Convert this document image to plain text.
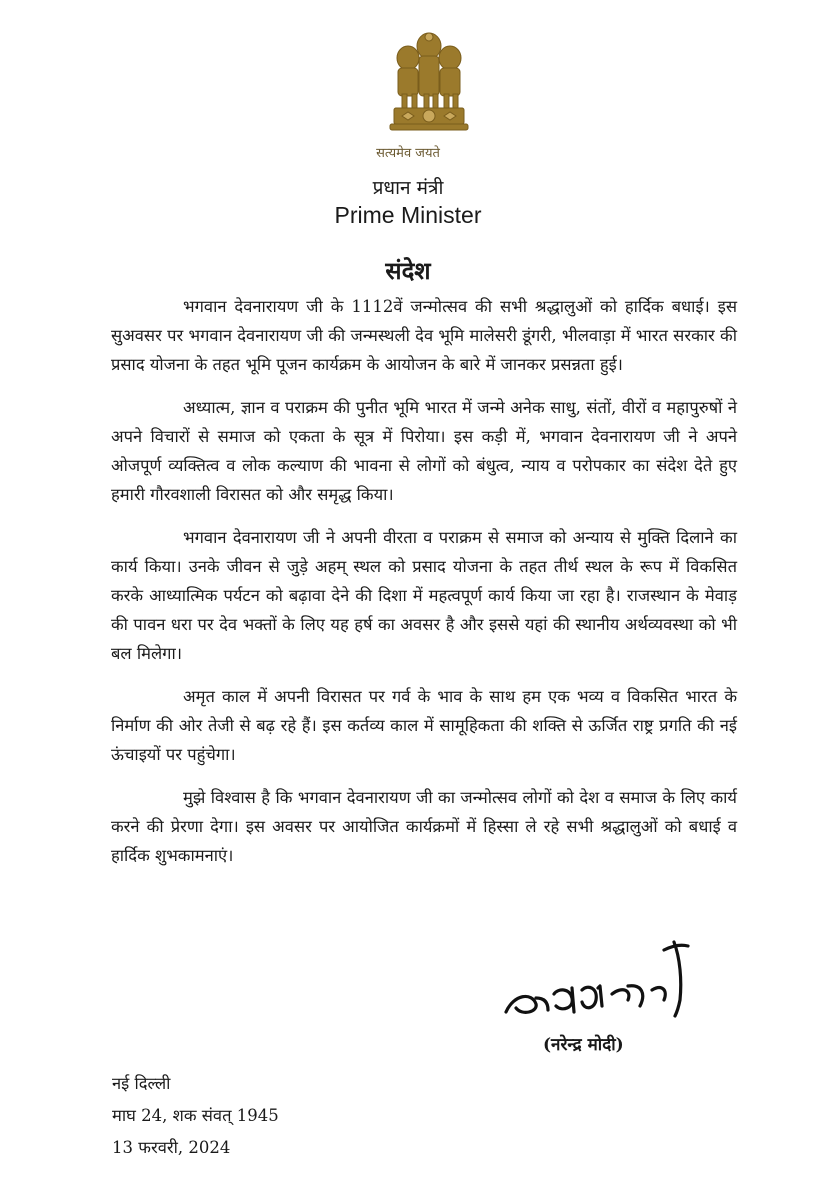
सत्यमेव जयते
प्रधान मंत्री
Prime Minister
संदेश

भगवान देवनारायण जी के 1112वें जन्मोत्सव की सभी श्रद्धालुओं को हार्दिक बधाई। इस सुअवसर पर भगवान देवनारायण जी की जन्मस्थली देव भूमि मालेसरी डूंगरी, भीलवाड़ा में भारत सरकार की प्रसाद योजना के तहत भूमि पूजन कार्यक्रम के आयोजन के बारे में जानकर प्रसन्नता हुई।

अध्यात्म, ज्ञान व पराक्रम की पुनीत भूमि भारत में जन्मे अनेक साधु, संतों, वीरों व महापुरुषों ने अपने विचारों से समाज को एकता के सूत्र में पिरोया। इस कड़ी में, भगवान देवनारायण जी ने अपने ओजपूर्ण व्यक्तित्व व लोक कल्याण की भावना से लोगों को बंधुत्व, न्याय व परोपकार का संदेश देते हुए हमारी गौरवशाली विरासत को और समृद्ध किया।

भगवान देवनारायण जी ने अपनी वीरता व पराक्रम से समाज को अन्याय से मुक्ति दिलाने का कार्य किया। उनके जीवन से जुड़े अहम् स्थल को प्रसाद योजना के तहत तीर्थ स्थल के रूप में विकसित करके आध्यात्मिक पर्यटन को बढ़ावा देने की दिशा में महत्वपूर्ण कार्य किया जा रहा है। राजस्थान के मेवाड़ की पावन धरा पर देव भक्तों के लिए यह हर्ष का अवसर है और इससे यहां की स्थानीय अर्थव्यवस्था को भी बल मिलेगा।

अमृत काल में अपनी विरासत पर गर्व के भाव के साथ हम एक भव्य व विकसित भारत के निर्माण की ओर तेजी से बढ़ रहे हैं। इस कर्तव्य काल में सामूहिकता की शक्ति से ऊर्जित राष्ट्र प्रगति की नई ऊंचाइयों पर पहुंचेगा।

मुझे विश्वास है कि भगवान देवनारायण जी का जन्मोत्सव लोगों को देश व समाज के लिए कार्य करने की प्रेरणा देगा। इस अवसर पर आयोजित कार्यक्रमों में हिस्सा ले रहे सभी श्रद्धालुओं को बधाई व हार्दिक शुभकामनाएं।

(नरेन्द्र मोदी)
नई दिल्ली
माघ 24, शक संवत् 1945
13 फरवरी, 2024
